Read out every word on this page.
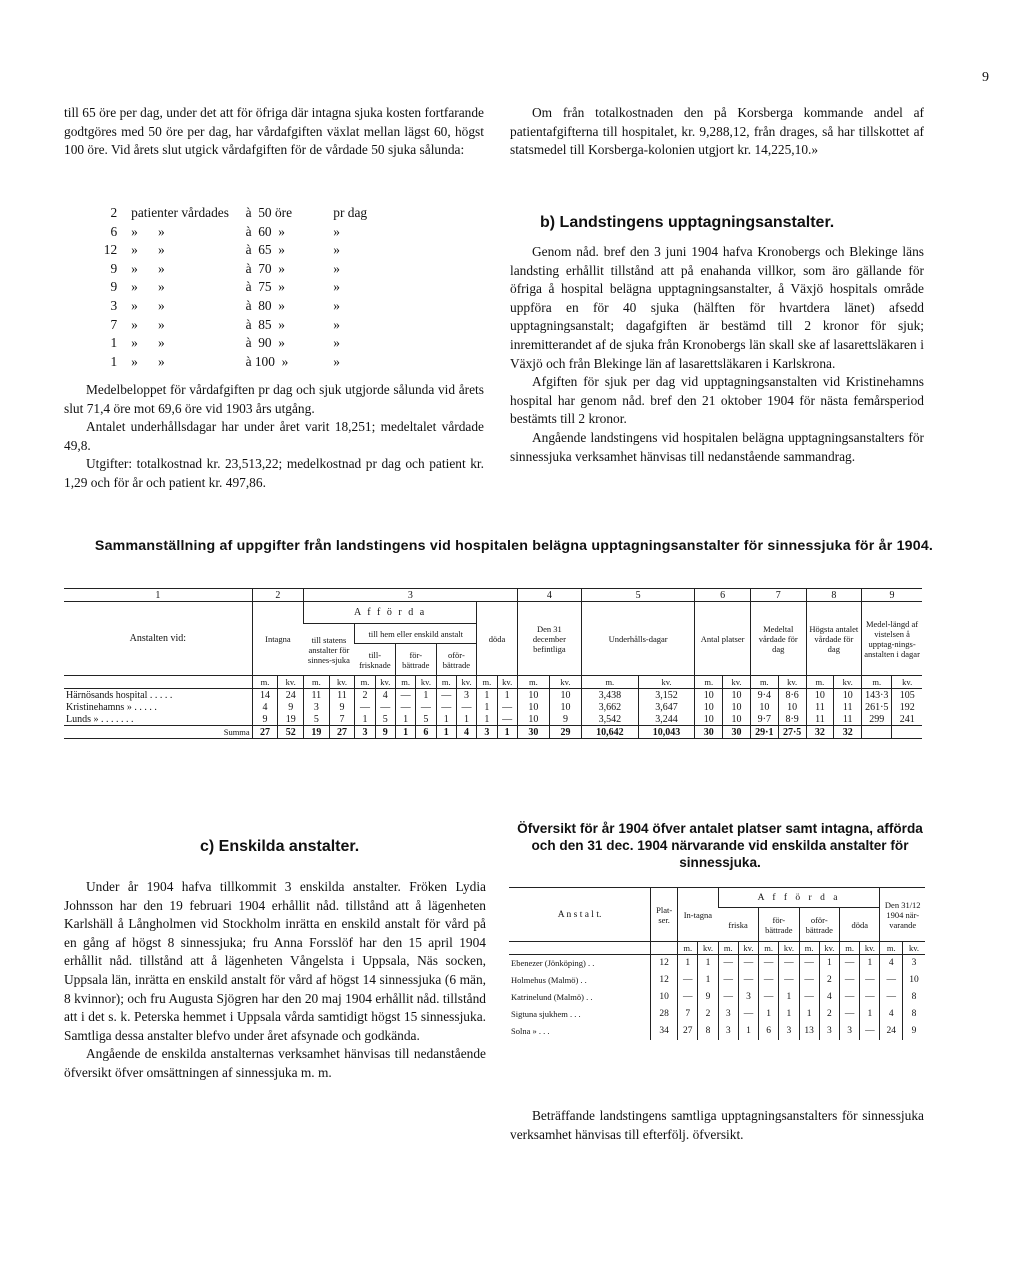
9

till 65 öre per dag, under det att för öfriga där intagna sjuka kosten fortfarande godtgöres med 50 öre per dag, har vårdafgiften växlat mellan lägst 60, högst 100 öre. Vid årets slut utgick vårdafgiften för de vårdade 50 sjuka sålunda:

2	patienter vårdades	à  50 öre	pr dag
6	»      »	à  60  »	»
12	»      »	à  65  »	»
9	»      »	à  70  »	»
9	»      »	à  75  »	»
3	»      »	à  80  »	»
7	»      »	à  85  »	»
1	»      »	à  90  »	»
1	»      »	à 100  »	»

Medelbeloppet för vårdafgiften pr dag och sjuk utgjorde sålunda vid årets slut 71,4 öre mot 69,6 öre vid 1903 års utgång.

Antalet underhållsdagar har under året varit 18,251; medeltalet vårdade 49,8.

Utgifter: totalkostnad kr. 23,513,22; medelkostnad pr dag och patient kr. 1,29 och för år och patient kr. 497,86.

Om från totalkostnaden den på Korsberga kommande andel af patientafgifterna till hospitalet, kr. 9,288,12, från drages, så har tillskottet af statsmedel till Korsberga-kolonien utgjort kr. 14,225,10.»

b) Landstingens upptagningsanstalter.

Genom nåd. bref den 3 juni 1904 hafva Kronobergs och Blekinge läns landsting erhållit tillstånd att på enahanda villkor, som äro gällande för öfriga å hospital belägna upptagningsanstalter, å Växjö hospitals område uppföra en för 40 sjuka (hälften för hvartdera länet) afsedd upptagningsanstalt; dagafgiften är bestämd till 2 kronor för sjuk; inremitterandet af de sjuka från Kronobergs län skall ske af lasarettsläkaren i Växjö och från Blekinge län af lasarettsläkaren i Karlskrona.

Afgiften för sjuk per dag vid upptagningsanstalten vid Kristinehamns hospital har genom nåd. bref den 21 oktober 1904 för nästa femårsperiod bestämts till 2 kronor.

Angående landstingens vid hospitalen belägna upptagningsanstalters för sinnessjuka verksamhet hänvisas till nedanstående sammandrag.

Sammanställning af uppgifter från landstingens vid hospitalen belägna upptagningsanstalter för sinnessjuka för år 1904.
1	2		3										4		5		6		7		8		9	
Anstalten vid:	Intagna		A f f ö r d a								döda		Den 31 december befintliga		Underhålls-dagar		Antal platser		Medeltal vårdade för dag		Högsta antalet vårdade för dag		Medel-längd af vistelsen å upptag-nings-anstalten i dagar	
			till statens anstalter för sinnes-sjuka		till hem eller enskild anstalt																			
					till-frisknade		för-bättrade		oför-bättrade															
	m.	kv.	m.	kv.	m.	kv.	m.	kv.	m.	kv.	m.	kv.	m.	kv.	m.	kv.	m.	kv.	m.	kv.	m.	kv.	m.	kv.
Härnösands hospital . . . . .	14	24	11	11	2	4	—	1	—	3	1	1	10	10	3,438	3,152	10	10	9·4	8·6	10	10	143·3	105
Kristinehamns » . . . . .	4	9	3	9	—	—	—	—	—	—	1	—	10	10	3,662	3,647	10	10	10	10	11	11	261·5	192
Lunds » . . . . . . .	9	19	5	7	1	5	1	5	1	1	1	—	10	9	3,542	3,244	10	10	9·7	8·9	11	11	299	241
Summa	27	52	19	27	3	9	1	6	1	4	3	1	30	29	10,642	10,043	30	30	29·1	27·5	32	32		
c) Enskilda anstalter.

Under år 1904 hafva tillkommit 3 enskilda anstalter. Fröken Lydia Johnsson har den 19 februari 1904 erhållit nåd. tillstånd att å lägenheten Karlshäll å Långholmen vid Stockholm inrätta en enskild anstalt för vård på en gång af högst 8 sinnessjuka; fru Anna Forsslöf har den 15 april 1904 erhållit nåd. tillstånd att å lägenheten Vångelsta i Uppsala, Näs socken, Uppsala län, inrätta en enskild anstalt för vård af högst 14 sinnessjuka (6 män, 8 kvinnor); och fru Augusta Sjögren har den 20 maj 1904 erhållit nåd. tillstånd att i det s. k. Peterska hemmet i Uppsala vårda samtidigt högst 15 sinnessjuka. Samtliga dessa anstalter blefvo under året afsynade och godkända.

Angående de enskilda anstalternas verksamhet hänvisas till nedanstående öfversikt öfver omsättningen af sinnessjuka m. m.

Öfversikt för år 1904 öfver antalet platser samt intagna, afförda och den 31 dec. 1904 närvarande vid enskilda anstalter för sinnessjuka.
A n s t a l t.	Plat-ser.	In-tagna		A f f ö r d a								Den 31/12 1904 när-varande	
				friska		för-bättrade		oför-bättrade		döda			

		m.	kv.	m.	kv.	m.	kv.	m.	kv.	m.	kv.	m.	kv.
Ebenezer (Jönköping) . .	12	1	1	—	—	—	—	—	1	—	1	4	3
Holmehus (Malmö) . .	12	—	1	—	—	—	—	—	2	—	—	—	10
Katrinelund (Malmö) . .	10	—	9	—	3	—	1	—	4	—	—	—	8
Sigtuna sjukhem . . .	28	7	2	3	—	1	1	1	2	—	1	4	8
Solna » . . .	34	27	8	3	1	6	3	13	3	3	—	24	9

Beträffande landstingens samtliga upptagningsanstalters för sinnessjuka verksamhet hänvisas till efterfölj. öfversikt.
